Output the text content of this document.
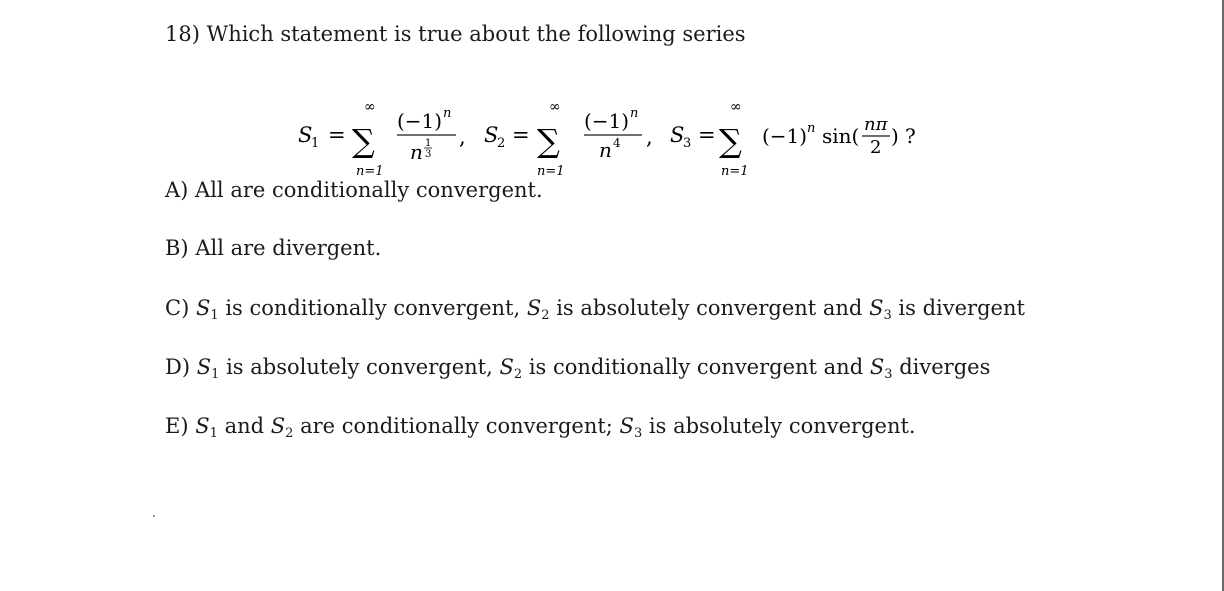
18) Which statement is true about the following series
S
1 =
∞
∑
n=1
(−1) n
n 1
3
, S
2 =
∞
∑
n=1
(−1) n
n 4 , S
3 =
∞
∑
n=1
(−1) n sin( nπ
2 ) ?
A) All are conditionally convergent.
B) All are divergent.
C) $S_1$ is conditionally convergent, $S_2$ is absolutely convergent and $S_3$ is divergent
D) $S_1$ is absolutely convergent, $S_2$ is conditionally convergent and $S_3$ diverges
E) $S_1$ and $S_2$ are conditionally convergent; $S_3$ is absolutely convergent.
